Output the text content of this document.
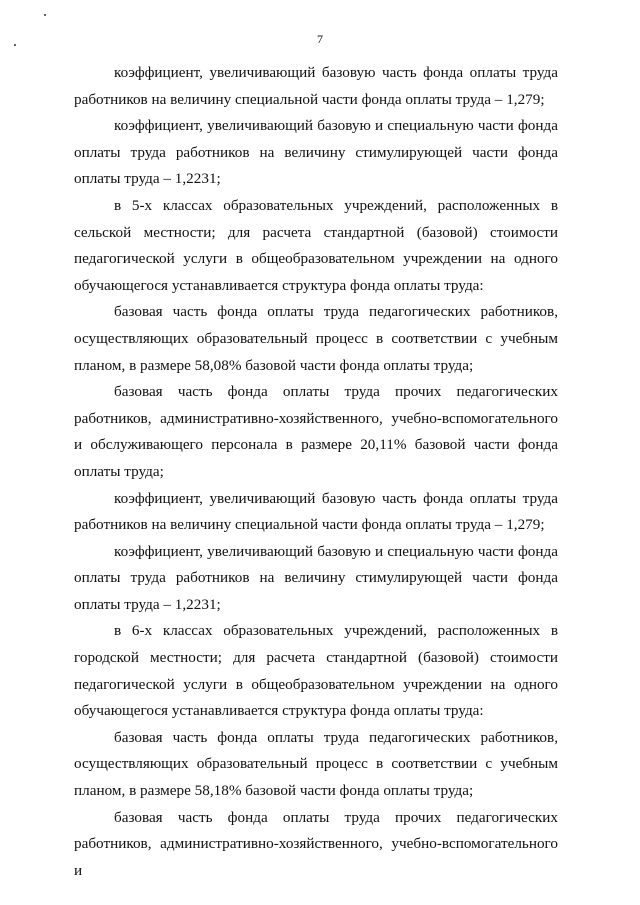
7

коэффициент, увеличивающий базовую часть фонда оплаты труда работников на величину специальной части фонда оплаты труда – 1,279;

коэффициент, увеличивающий базовую и специальную части фонда оплаты труда работников на величину стимулирующей части фонда оплаты труда – 1,2231;

в 5-х классах образовательных учреждений, расположенных в сельской местности; для расчета стандартной (базовой) стоимости педагогической услуги в общеобразовательном учреждении на одного обучающегося устанавливается структура фонда оплаты труда:

базовая часть фонда оплаты труда педагогических работников, осуществляющих образовательный процесс в соответствии с учебным планом, в размере 58,08% базовой части фонда оплаты труда;

базовая часть фонда оплаты труда прочих педагогических работников, административно-хозяйственного, учебно-вспомогательного и обслуживающего персонала в размере 20,11% базовой части фонда оплаты труда;

коэффициент, увеличивающий базовую часть фонда оплаты труда работников на величину специальной части фонда оплаты труда – 1,279;

коэффициент, увеличивающий базовую и специальную части фонда оплаты труда работников на величину стимулирующей части фонда оплаты труда – 1,2231;

в 6-х классах образовательных учреждений, расположенных в городской местности; для расчета стандартной (базовой) стоимости педагогической услуги в общеобразовательном учреждении на одного обучающегося устанавливается структура фонда оплаты труда:

базовая часть фонда оплаты труда педагогических работников, осуществляющих образовательный процесс в соответствии с учебным планом, в размере 58,18% базовой части фонда оплаты труда;

базовая часть фонда оплаты труда прочих педагогических работников, административно-хозяйственного, учебно-вспомогательного и
